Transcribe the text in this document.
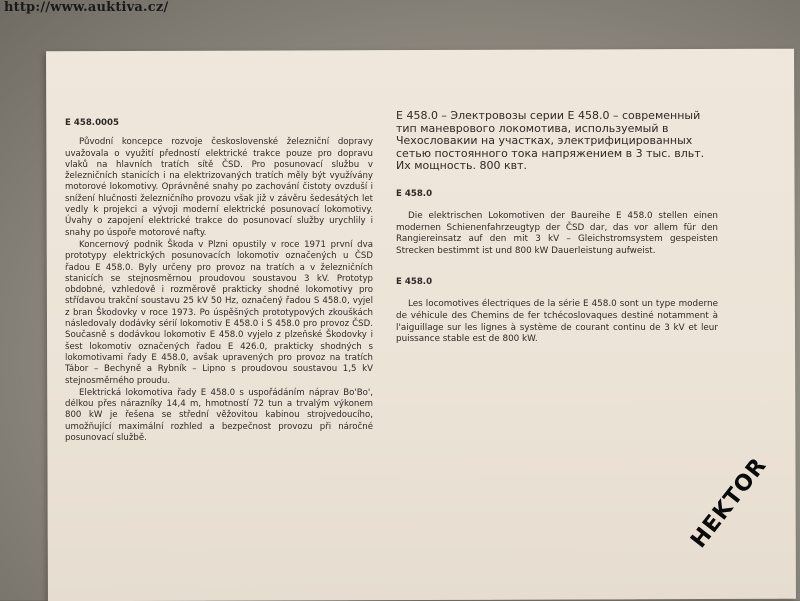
http://www.auktiva.cz/
E 458.0005

Původní koncepce rozvoje československé železniční dopravy uvažovala o využití předností elektrické trakce pouze pro dopravu vlaků na hlavních tratích sítě ČSD. Pro posunovací službu v železničních stanicích i na elektrizovaných tratích měly být využívány motorové lokomotivy. Oprávněné snahy po zachování čistoty ovzduší i snížení hlučnosti železničního provozu však již v závěru šedesátých let vedly k projekci a vývoji moderní elektrické posunovací lokomotivy. Úvahy o zapojení elektrické trakce do posunovací služby urychlily i snahy po úspoře motorové nafty.

Koncernový podnik Škoda v Plzni opustily v roce 1971 první dva prototypy elektrických posunovacích lokomotiv označených u ČSD řadou E 458.0. Byly určeny pro provoz na tratích a v železničních stanicích se stejnosměrnou proudovou soustavou 3 kV. Prototyp obdobné, vzhledově i rozměrově prakticky shodné lokomotivy pro střídavou trakční soustavu 25 kV 50 Hz, označený řadou S 458.0, vyjel z bran Škodovky v roce 1973. Po úspěšných prototypových zkouškách následovaly dodávky sérií lokomotiv E 458.0 i S 458.0 pro provoz ČSD. Současně s dodávkou lokomotiv E 458.0 vyjelo z plzeňské Škodovky i šest lokomotiv označených řadou E 426.0, prakticky shodných s lokomotivami řady E 458.0, avšak upravených pro provoz na tratích Tábor – Bechyně a Rybník – Lipno s proudovou soustavou 1,5 kV stejnosměrného proudu.

Elektrická lokomotiva řady E 458.0 s uspořádáním náprav Bo'Bo', délkou přes nárazníky 14,4 m, hmotností 72 tun a trvalým výkonem 800 kW je řešena se střední věžovitou kabinou strojvedoucího, umožňující maximální rozhled a bezpečnost provozu při náročné posunovací službě.

E 458.0 – Электровозы серии E 458.0 – современный тип маневрового локомотива, используемый в Чехословакии на участках, электрифицированных сетью постоянного тока напряжением в 3 тыс. вльт. Их мощность. 800 квт.

E 458.0

Die elektrischen Lokomotiven der Baureihe E 458.0 stellen einen modernen Schienenfahrzeugtyp der ČSD dar, das vor allem für den Rangiereinsatz auf den mit 3 kV – Gleichstromsystem gespeisten Strecken bestimmt ist und 800 kW Dauerleistung aufweist.

E 458.0

Les locomotives électriques de la série E 458.0 sont un type moderne de véhicule des Chemins de fer tchécoslovaques destiné notamment à l'aiguillage sur les lignes à système de courant continu de 3 kV et leur puissance stable est de 800 kW.

HEKTOR
